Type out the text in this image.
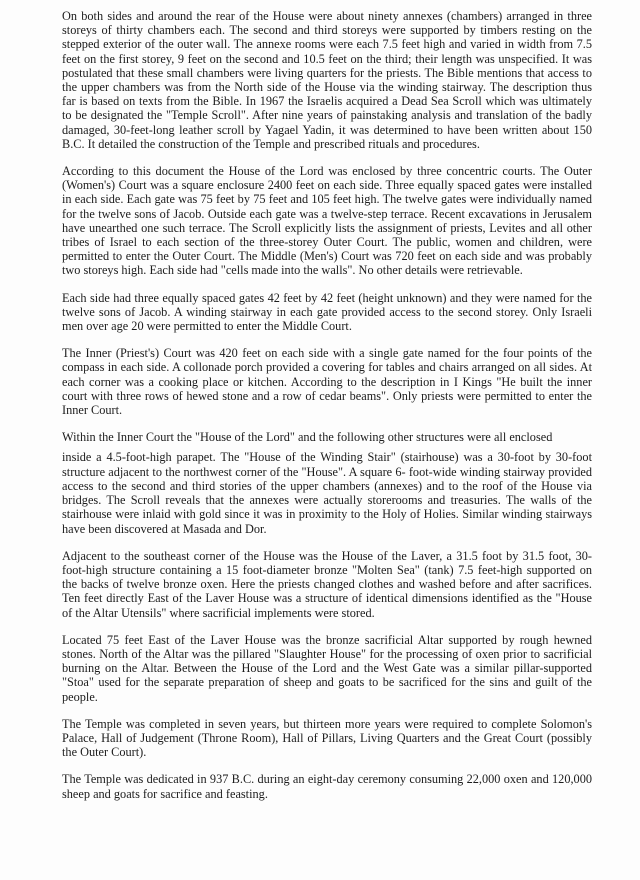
On both sides and around the rear of the House were about ninety annexes (chambers) arranged in three storeys of thirty chambers each. The second and third storeys were supported by timbers resting on the stepped exterior of the outer wall. The annexe rooms were each 7.5 feet high and varied in width from 7.5 feet on the first storey, 9 feet on the second and 10.5 feet on the third; their length was unspecified. It was postulated that these small chambers were living quarters for the priests. The Bible mentions that access to the upper chambers was from the North side of the House via the winding stairway. The description thus far is based on texts from the Bible. In 1967 the Israelis acquired a Dead Sea Scroll which was ultimately to be designated the "Temple Scroll". After nine years of painstaking analysis and translation of the badly damaged, 30-feet-long leather scroll by Yagael Yadin, it was determined to have been written about 150 B.C. It detailed the construction of the Temple and prescribed rituals and procedures.

According to this document the House of the Lord was enclosed by three concentric courts. The Outer (Women's) Court was a square enclosure 2400 feet on each side. Three equally spaced gates were installed in each side. Each gate was 75 feet by 75 feet and 105 feet high. The twelve gates were individually named for the twelve sons of Jacob. Outside each gate was a twelve-step terrace. Recent excavations in Jerusalem have unearthed one such terrace. The Scroll explicitly lists the assignment of priests, Levites and all other tribes of Israel to each section of the three-storey Outer Court. The public, women and children, were permitted to enter the Outer Court. The Middle (Men's) Court was 720 feet on each side and was probably two storeys high. Each side had "cells made into the walls". No other details were retrievable.

Each side had three equally spaced gates 42 feet by 42 feet (height unknown) and they were named for the twelve sons of Jacob. A winding stairway in each gate provided access to the second storey. Only Israeli men over age 20 were permitted to enter the Middle Court.

The Inner (Priest's) Court was 420 feet on each side with a single gate named for the four points of the compass in each side. A collonade porch provided a covering for tables and chairs arranged on all sides. At each corner was a cooking place or kitchen. According to the description in I Kings "He built the inner court with three rows of hewed stone and a row of cedar beams". Only priests were permitted to enter the Inner Court.

Within the Inner Court the "House of the Lord" and the following other structures were all enclosed

inside a 4.5-foot-high parapet. The "House of the Winding Stair" (stairhouse) was a 30-foot by 30-foot structure adjacent to the northwest corner of the "House". A square 6- foot-wide winding stairway provided access to the second and third stories of the upper chambers (annexes) and to the roof of the House via bridges. The Scroll reveals that the annexes were actually storerooms and treasuries. The walls of the stairhouse were inlaid with gold since it was in proximity to the Holy of Holies. Similar winding stairways have been discovered at Masada and Dor.

Adjacent to the southeast corner of the House was the House of the Laver, a 31.5 foot by 31.5 foot, 30-foot-high structure containing a 15 foot-diameter bronze "Molten Sea" (tank) 7.5 feet-high supported on the backs of twelve bronze oxen. Here the priests changed clothes and washed before and after sacrifices. Ten feet directly East of the Laver House was a structure of identical dimensions identified as the "House of the Altar Utensils" where sacrificial implements were stored.

Located 75 feet East of the Laver House was the bronze sacrificial Altar supported by rough hewned stones. North of the Altar was the pillared "Slaughter House" for the processing of oxen prior to sacrificial burning on the Altar. Between the House of the Lord and the West Gate was a similar pillar-supported "Stoa" used for the separate preparation of sheep and goats to be sacrificed for the sins and guilt of the people.

The Temple was completed in seven years, but thirteen more years were required to complete Solomon's Palace, Hall of Judgement (Throne Room), Hall of Pillars, Living Quarters and the Great Court (possibly the Outer Court).

The Temple was dedicated in 937 B.C. during an eight-day ceremony consuming 22,000 oxen and 120,000 sheep and goats for sacrifice and feasting.
